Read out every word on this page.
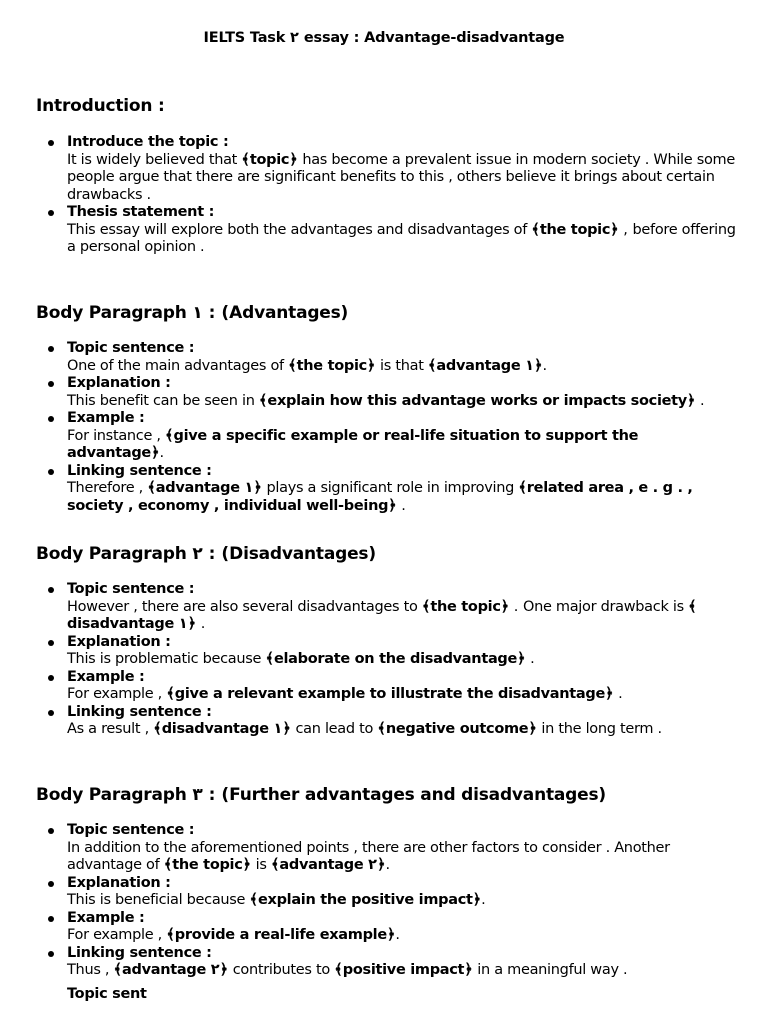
IELTS Task ٢ essay : Advantage-disadvantage
Introduction :
Introduce the topic :
It is widely believed that ﴾topic﴿ has become a prevalent issue in modern society . While some people argue that there are significant benefits to this , others believe it brings about certain drawbacks .
Thesis statement :
This essay will explore both the advantages and disadvantages of ﴾the topic﴿ , before offering a personal opinion .
Body Paragraph ١ : (Advantages)
Topic sentence :
One of the main advantages of ﴾the topic﴿ is that ﴾advantage ١﴿.
Explanation :
This benefit can be seen in ﴾explain how this advantage works or impacts society﴿ .
Example :
For instance , ﴾give a specific example or real-life situation to support the advantage﴿.
Linking sentence :
Therefore , ﴾advantage ١﴿ plays a significant role in improving ﴾related area , e . g . , society , economy , individual well-being﴿ .
Body Paragraph ٢ : (Disadvantages)
Topic sentence :
However , there are also several disadvantages to ﴾the topic﴿ . One major drawback is ﴾disadvantage ١﴿ .
Explanation :
This is problematic because ﴾elaborate on the disadvantage﴿ .
Example :
For example , ﴾give a relevant example to illustrate the disadvantage﴿ .
Linking sentence :
As a result , ﴾disadvantage ١﴿ can lead to ﴾negative outcome﴿ in the long term .
Body Paragraph ٣ : (Further advantages and disadvantages)
Topic sentence :
In addition to the aforementioned points , there are other factors to consider . Another advantage of ﴾the topic﴿ is ﴾advantage ٢﴿.
Explanation :
This is beneficial because ﴾explain the positive impact﴿.
Example :
For example , ﴾provide a real-life example﴿.
Linking sentence :
Thus , ﴾advantage ٢﴿ contributes to ﴾positive impact﴿ in a meaningful way .
Topic sent
